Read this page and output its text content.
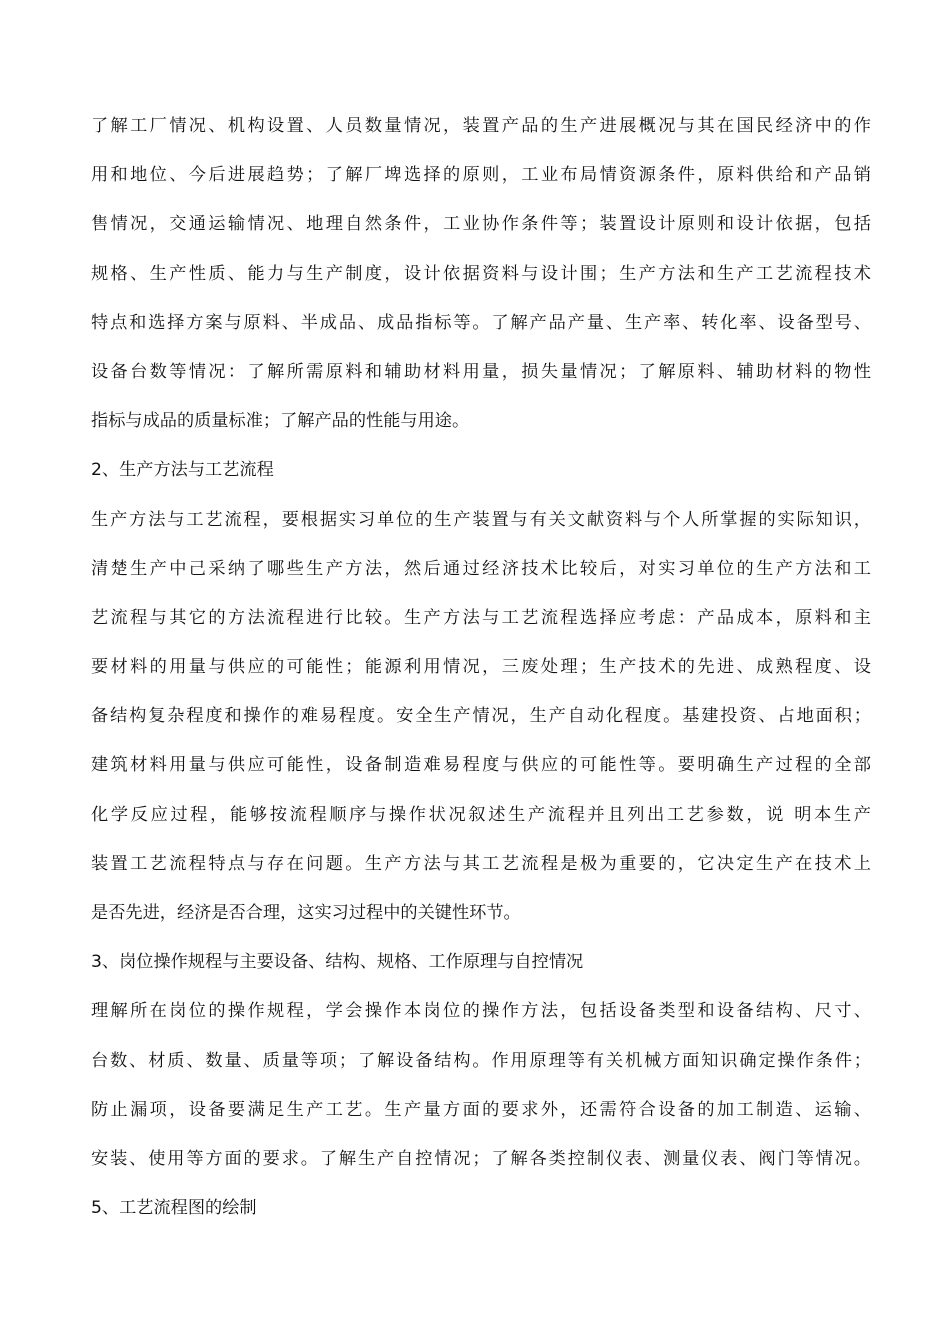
了解工厂情况、机构设置、人员数量情况，装置产品的生产进展概况与其在国民经济中的作
用和地位、今后进展趋势；了解厂埤选择的原则，工业布局情资源条件，原料供给和产品销
售情况，交通运输情况、地理自然条件，工业协作条件等；装置设计原则和设计依据，包括
规格、生产性质、能力与生产制度，设计依据资料与设计围；生产方法和生产工艺流程技术
特点和选择方案与原料、半成品、成品指标等。了解产品产量、生产率、转化率、设备型号、
设备台数等情况：了解所需原料和辅助材料用量，损失量情况；了解原料、辅助材料的物性
指标与成品的质量标准；了解产品的性能与用途。
2、生产方法与工艺流程
生产方法与工艺流程，要根据实习单位的生产装置与有关文献资料与个人所掌握的实际知识，
清楚生产中己采纳了哪些生产方法，然后通过经济技术比较后，对实习单位的生产方法和工
艺流程与其它的方法流程进行比较。生产方法与工艺流程选择应考虑：产品成本，原料和主
要材料的用量与供应的可能性；能源利用情况，三废处理；生产技术的先进、成熟程度、设
备结构复杂程度和操作的难易程度。安全生产情况，生产自动化程度。基建投资、占地面积；
建筑材料用量与供应可能性，设备制造难易程度与供应的可能性等。要明确生产过程的全部
化学反应过程，能够按流程顺序与操作状况叙述生产流程并且列出工艺参数，说 明本生产
装置工艺流程特点与存在问题。生产方法与其工艺流程是极为重要的，它决定生产在技术上
是否先进，经济是否合理，这实习过程中的关键性环节。
3、岗位操作规程与主要设备、结构、规格、工作原理与自控情况
理解所在岗位的操作规程，学会操作本岗位的操作方法，包括设备类型和设备结构、尺寸、
台数、材质、数量、质量等项；了解设备结构。作用原理等有关机械方面知识确定操作条件；
防止漏项，设备要满足生产工艺。生产量方面的要求外，还需符合设备的加工制造、运输、
安装、使用等方面的要求。了解生产自控情况；了解各类控制仪表、测量仪表、阀门等情况。
5、工艺流程图的绘制
